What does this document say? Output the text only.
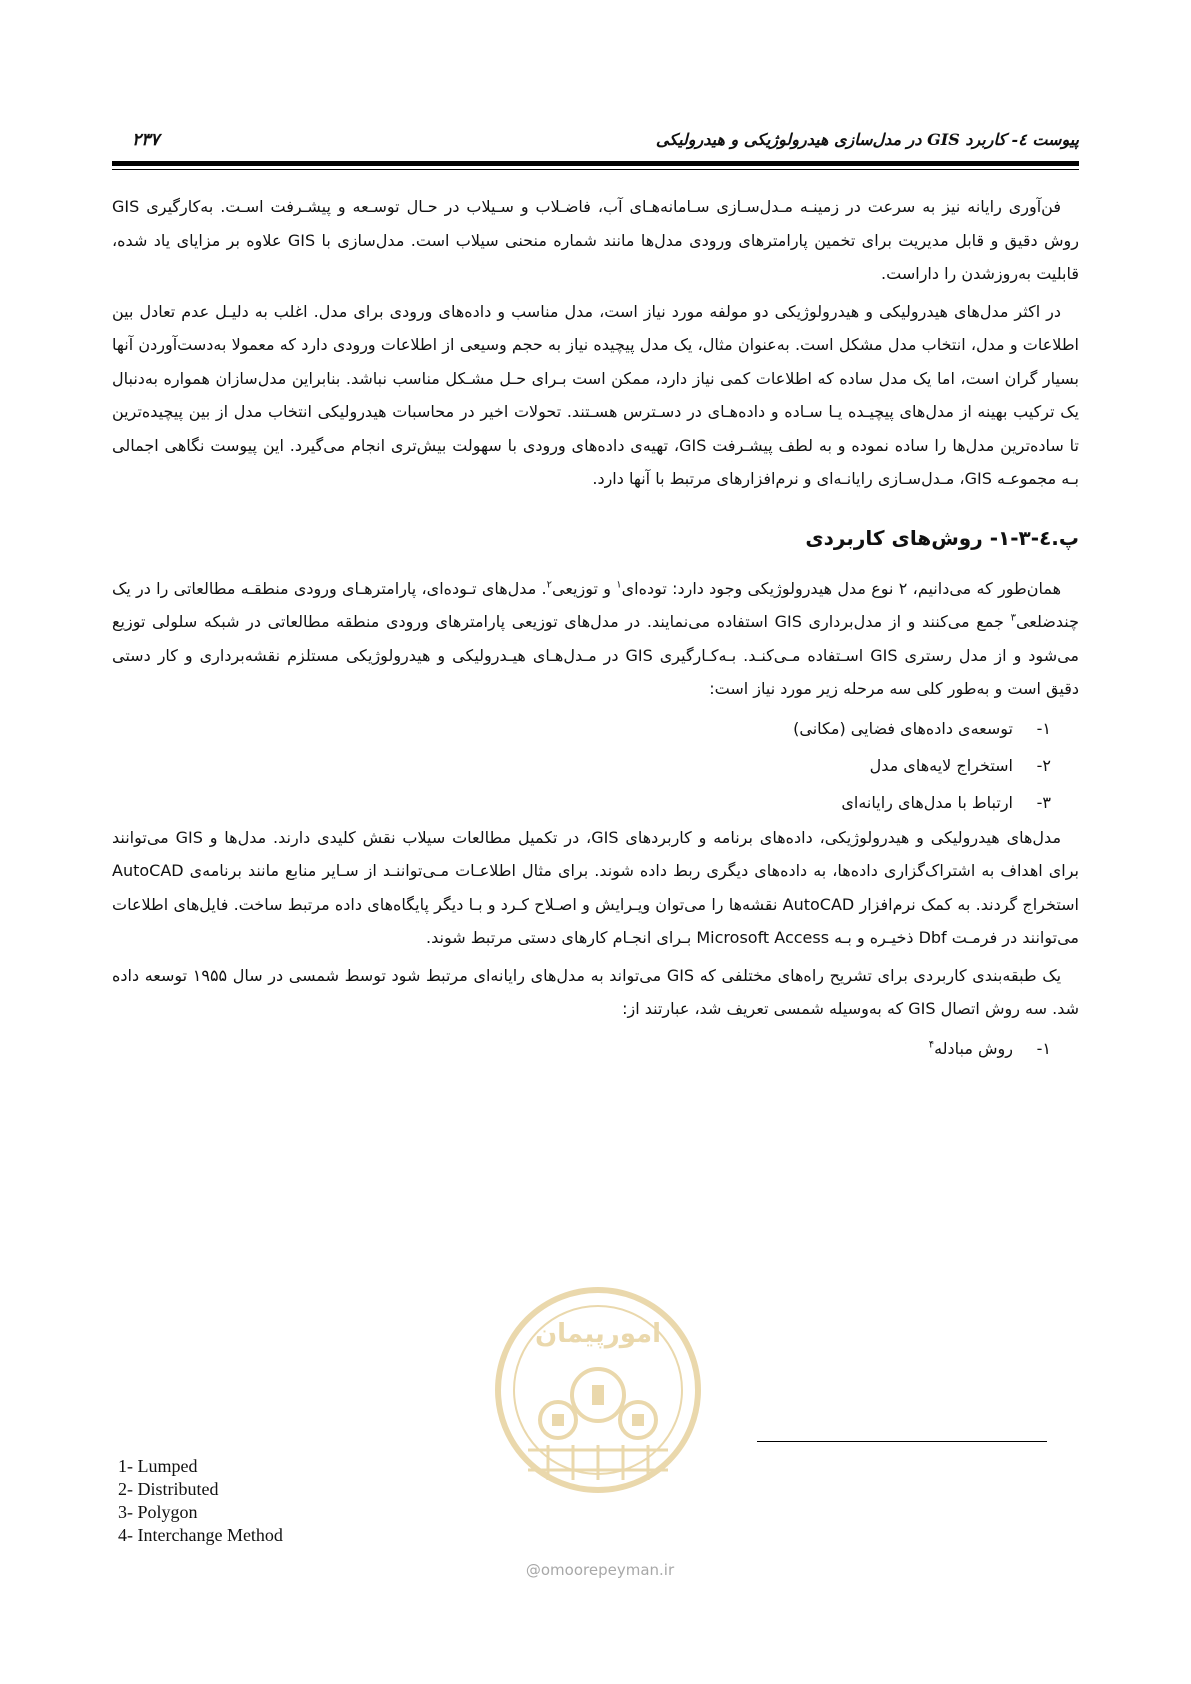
پیوست ٤- کاربرد GIS در مدل‌سازی هیدرولوژیکی و هیدرولیکی
۲۳۷

فن‌آوری رایانه نیز به سرعت در زمینـه مـدل‌سـازی سـامانه‌هـای آب، فاضـلاب و سـیلاب در حـال توسـعه و پیشـرفت اسـت. به‌کارگیری GIS روش دقیق و قابل مدیریت برای تخمین پارامترهای ورودی مدل‌ها مانند شماره منحنی سیلاب است. مدل‌سازی با GIS علاوه بر مزایای یاد شده، قابلیت به‌روزشدن را داراست.

در اکثر مدل‌های هیدرولیکی و هیدرولوژیکی دو مولفه مورد نیاز است، مدل مناسب و داده‌های ورودی برای مدل. اغلب به دلیـل عدم تعادل بین اطلاعات و مدل، انتخاب مدل مشکل است. به‌عنوان مثال، یک مدل پیچیده نیاز به حجم وسیعی از اطلاعات ورودی دارد که معمولا به‌دست‌آوردن آنها بسیار گران است، اما یک مدل ساده که اطلاعات کمی نیاز دارد، ممکن است بـرای حـل مشـکل مناسب نباشد. بنابراین مدل‌سازان همواره به‌دنبال یک ترکیب بهینه از مدل‌های پیچیـده یـا سـاده و داده‌هـای در دسـترس هسـتند. تحولات اخیر در محاسبات هیدرولیکی انتخاب مدل از بین پیچیده‌ترین تا ساده‌ترین مدل‌ها را ساده نموده و به لطف پیشـرفت GIS، تهیه‌ی داده‌های ورودی با سهولت بیش‌تری انجام می‌گیرد. این پیوست نگاهی اجمالی بـه مجموعـه GIS، مـدل‌سـازی رایانـه‌ای و نرم‌افزارهای مرتبط با آنها دارد.

پ.٤-٣-١- روش‌های کاربردی

همان‌طور که می‌دانیم، ۲ نوع مدل هیدرولوژیکی وجود دارد: توده‌ای$^۱$ و توزیعی$^۲$. مدل‌های تـوده‌ای، پارامترهـای ورودی منطقـه مطالعاتی را در یک چندضلعی$^۳$ جمع می‌کنند و از مدل‌برداری GIS استفاده می‌نمایند. در مدل‌های توزیعی پارامترهای ورودی منطقه مطالعاتی در شبکه سلولی توزیع می‌شود و از مدل رستری GIS اسـتفاده مـی‌کنـد. بـه‌کـارگیری GIS در مـدل‌هـای هیـدرولیکی و هیدرولوژیکی مستلزم نقشه‌برداری و کار دستی دقیق است و به‌طور کلی سه مرحله زیر مورد نیاز است:

۱-توسعه‌ی داده‌های فضایی (مکانی)
۲-استخراج لایه‌های مدل
۳-ارتباط با مدل‌های رایانه‌ای

مدل‌های هیدرولیکی و هیدرولوژیکی، داده‌های برنامه و کاربردهای GIS، در تکمیل مطالعات سیلاب نقش کلیدی دارند. مدل‌ها و GIS می‌توانند برای اهداف به اشتراک‌گزاری داده‌ها، به داده‌های دیگری ربط داده شوند. برای مثال اطلاعـات مـی‌تواننـد از سـایر منابع مانند برنامه‌ی AutoCAD استخراج گردند. به کمک نرم‌افزار AutoCAD نقشه‌ها را می‌توان ویـرایش و اصـلاح کـرد و بـا دیگر پایگاه‌های داده مرتبط ساخت. فایل‌های اطلاعات می‌توانند در فرمـت Dbf ذخیـره و بـه Microsoft Access بـرای انجـام کارهای دستی مرتبط شوند.

یک طبقه‌بندی کاربردی برای تشریح راه‌های مختلفی که GIS می‌تواند به مدل‌های رایانه‌ای مرتبط شود توسط شمسی در سال ۱۹۵۵ توسعه داده شد. سه روش اتصال GIS که به‌وسیله شمسی تعریف شد، عبارتند از:

۱-روش مبادله$^۴$
1- Lumped
2- Distributed
3- Polygon
4- Interchange Method
امورپیمان
@omoorepeyman.ir
